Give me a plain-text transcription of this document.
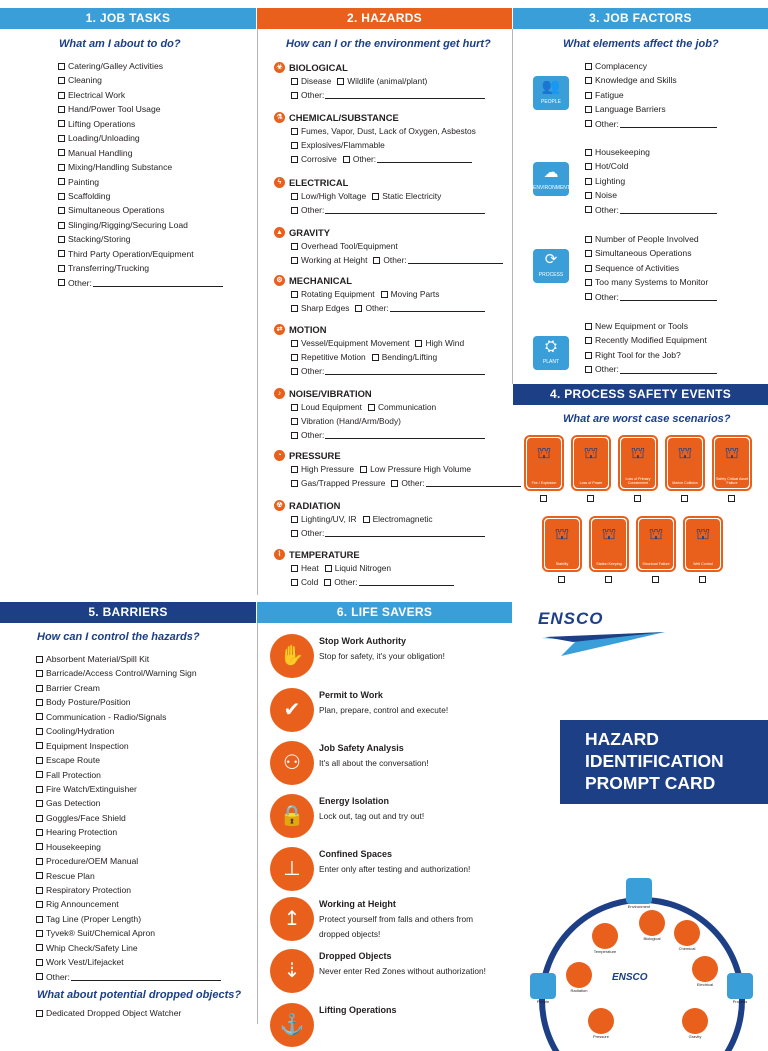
1. JOB TASKS	2. HAZARDS	3. JOB FACTORS
4. PROCESS SAFETY EVENTS
5. BARRIERS	6. LIFE SAVERS
What am I about to do?	How can I or the environment get hurt?	What elements affect the job?
What are worst case scenarios?
How can I control the hazards?
What about potential dropped objects?
Catering/Galley Activities
Cleaning
Electrical Work
Hand/Power Tool Usage
Lifting Operations
Loading/Unloading
Manual Handling
Mixing/Handling Substance
Painting
Scaffolding
Simultaneous Operations
Slinging/Rigging/Securing Load
Stacking/Storing
Third Party Operation/Equipment
Transferring/Trucking
Other:
☣ BIOLOGICAL
Disease Wildlife (animal/plant)
Other:
⚗ CHEMICAL/SUBSTANCE
Fumes, Vapor, Dust, Lack of Oxygen, Asbestos
Explosives/Flammable
Corrosive Other:
ϟ ELECTRICAL
Low/High Voltage Static Electricity
Other:
▲ GRAVITY
Overhead Tool/Equipment
Working at Height Other:
⚙ MECHANICAL
Rotating Equipment Moving Parts
Sharp Edges Other:
⇄ MOTION
Vessel/Equipment Movement High Wind
Repetitive Motion Bending/Lifting
Other:
♪ NOISE/VIBRATION
Loud Equipment Communication
Vibration (Hand/Arm/Body)
Other:
◔ PRESSURE
High Pressure Low Pressure High Volume
Gas/Trapped Pressure Other:
☢ RADIATION
Lighting/UV, IR Electromagnetic
Other:
⌇ TEMPERATURE
Heat Liquid Nitrogen
Cold Other:
👥
PEOPLE
Complacency
Knowledge and Skills
Fatigue
Language Barriers
Other:
☁
ENVIRONMENT
Housekeeping
Hot/Cold
Lighting
Noise
Other:
⟳
PROCESS
Number of People Involved
Simultaneous Operations
Sequence of Activities
Too many Systems to Monitor
Other:
⛭
PLANT
New Equipment or Tools
Recently Modified Equipment
Right Tool for the Job?
Other:
⛫
Fire / Explosion
⛫
Loss of Power
⛫
Loss of Primary Containment
⛫
Marine Collision
⛫
Safety Critical Asset Failure
⛫
Stability
⛫
Station Keeping
⛫
Structural Failure
⛫
Well Control
Absorbent Material/Spill Kit
Barricade/Access Control/Warning Sign
Barrier Cream
Body Posture/Position
Communication - Radio/Signals
Cooling/Hydration
Equipment Inspection
Escape Route
Fall Protection
Fire Watch/Extinguisher
Gas Detection
Goggles/Face Shield
Hearing Protection
Housekeeping
Procedure/OEM Manual
Rescue Plan
Respiratory Protection
Rig Announcement
Tag Line (Proper Length)
Tyvek® Suit/Chemical Apron
Whip Check/Safety Line
Work Vest/Lifejacket
Other:
Dedicated Dropped Object Watcher
✋
Stop Work Authority
Stop for safety, it's your obligation!
✔
Permit to Work
Plan, prepare, control and execute!
⚇
Job Safety Analysis
It's all about the conversation!
🔒
Energy Isolation
Lock out, tag out and try out!
⊥
Confined Spaces
Enter only after testing and authorization!
↥
Working at Height
Protect yourself from falls and others from dropped objects!
⇣
Dropped Objects
Never enter Red Zones without authorization!
⚓
Lifting Operations
ENSCO
HAZARD
IDENTIFICATION
PROMPT CARD
Environment
Biological
Chemical
Temperature
Electrical
Radiation
People	Process
Pressure	Gravity
ENSCO
